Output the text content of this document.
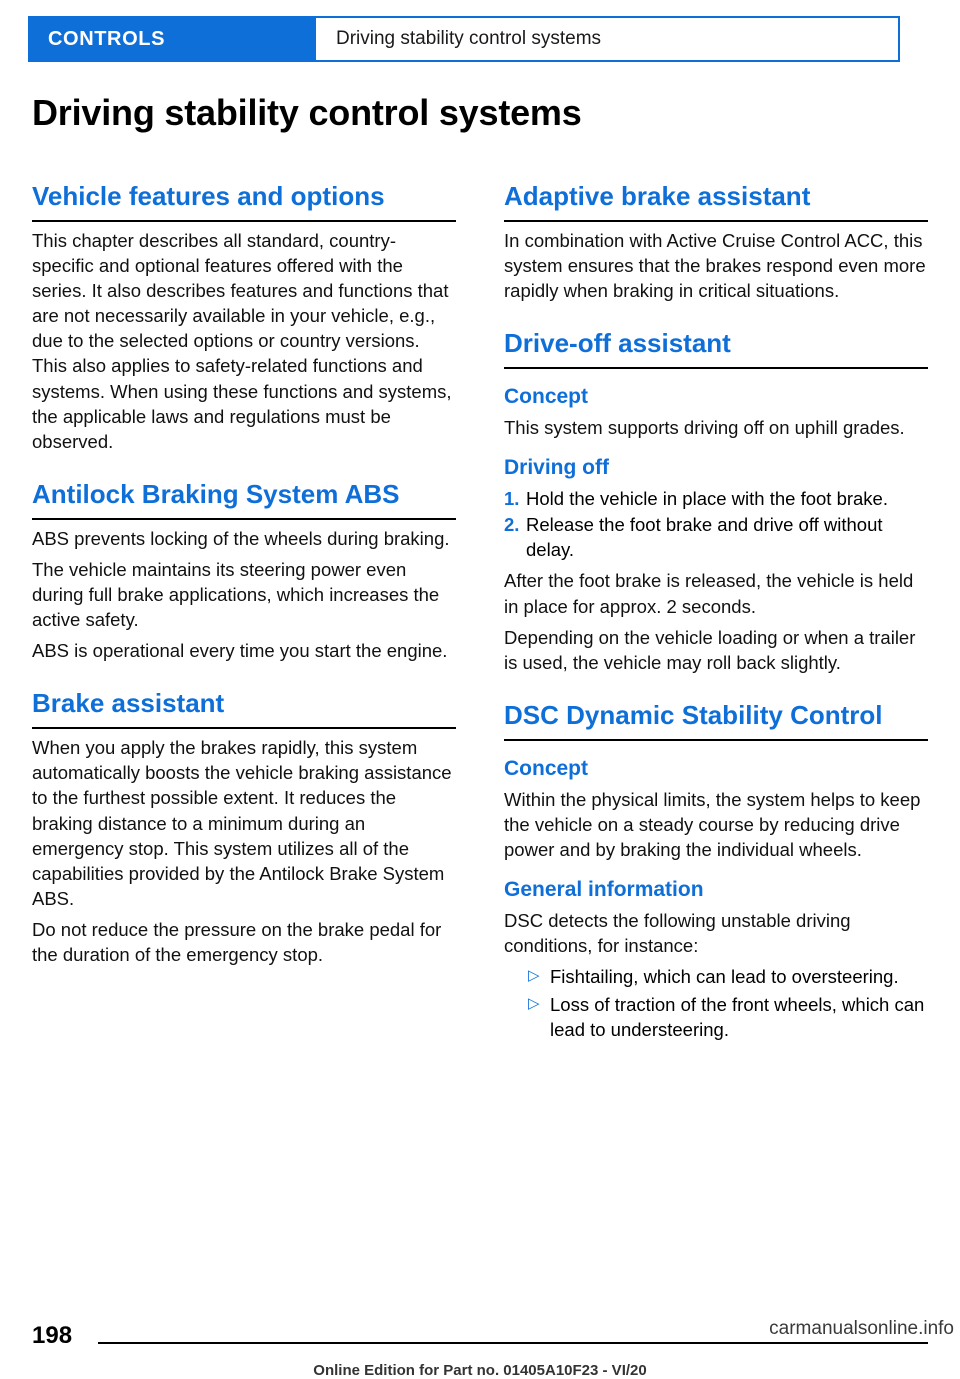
CONTROLS	Driving stability control systems
Driving stability control systems
Vehicle features and options

This chapter describes all standard, country-specific and optional features offered with the series. It also describes features and functions that are not necessarily available in your vehicle, e.g., due to the selected options or country versions. This also applies to safety-related functions and systems. When using these functions and systems, the applicable laws and regulations must be observed.

Antilock Braking System ABS

ABS prevents locking of the wheels during braking.

The vehicle maintains its steering power even during full brake applications, which increases the active safety.

ABS is operational every time you start the engine.

Brake assistant

When you apply the brakes rapidly, this system automatically boosts the vehicle braking assistance to the furthest possible extent. It reduces the braking distance to a minimum during an emergency stop. This system utilizes all of the capabilities provided by the Antilock Brake System ABS.

Do not reduce the pressure on the brake pedal for the duration of the emergency stop.

Adaptive brake assistant

In combination with Active Cruise Control ACC, this system ensures that the brakes respond even more rapidly when braking in critical situations.

Drive-off assistant
Concept

This system supports driving off on uphill grades.

Driving off
1. Hold the vehicle in place with the foot brake.
2. Release the foot brake and drive off without delay.

After the foot brake is released, the vehicle is held in place for approx. 2 seconds.

Depending on the vehicle loading or when a trailer is used, the vehicle may roll back slightly.

DSC Dynamic Stability Control
Concept

Within the physical limits, the system helps to keep the vehicle on a steady course by reducing drive power and by braking the individual wheels.

General information

DSC detects the following unstable driving conditions, for instance:

▷ Fishtailing, which can lead to oversteering.
▷ Loss of traction of the front wheels, which can lead to understeering.
198
Online Edition for Part no. 01405A10F23 - VI/20
carmanualsonline.info
